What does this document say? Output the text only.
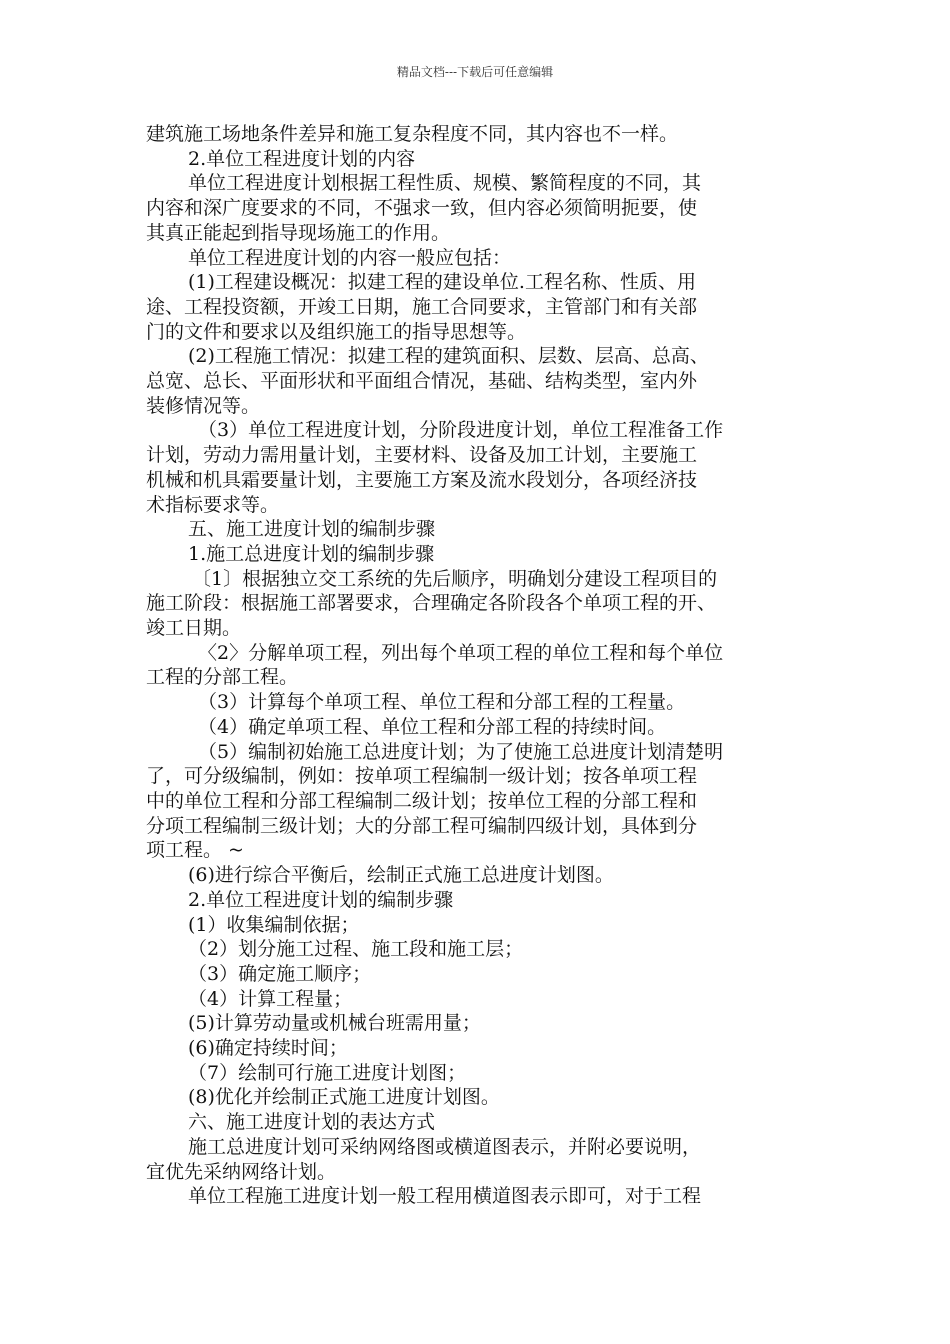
精品文档---下载后可任意编辑
建筑施工场地条件差异和施工复杂程度不同，其内容也不一样。
2.单位工程进度计划的内容
单位工程进度计划根据工程性质、规模、繁简程度的不同，其
内容和深广度要求的不同，不强求一致，但内容必须简明扼要，使
其真正能起到指导现场施工的作用。
单位工程进度计划的内容一般应包括：
(1)工程建设概况：拟建工程的建设单位.工程名称、性质、用
途、工程投资额，开竣工日期，施工合同要求，主管部门和有关部
门的文件和要求以及组织施工的指导思想等。
(2)工程施工情况：拟建工程的建筑面积、层数、层高、总高、
总宽、总长、平面形状和平面组合情况，基础、结构类型，室内外
装修情况等。
（3）单位工程进度计划，分阶段进度计划，单位工程准备工作
计划，劳动力需用量计划，主要材料、设备及加工计划，主要施工
机械和机具霜要量计划，主要施工方案及流水段划分，各项经济技
术指标要求等。
五、施工进度计划的编制步骤
1.施工总进度计划的编制步骤
〔1〕根据独立交工系统的先后顺序，明确划分建设工程项目的
施工阶段：根据施工部署要求，合理确定各阶段各个单项工程的开、
竣工日期。
〈2〉分解单项工程，列出每个单项工程的单位工程和每个单位
工程的分部工程。
（3）计算每个单项工程、单位工程和分部工程的工程量。
（4）确定单项工程、单位工程和分部工程的持续时间。
（5）编制初始施工总进度计划；为了使施工总进度计划清楚明
了，可分级编制，例如：按单项工程编制一级计划；按各单项工程
中的单位工程和分部工程编制二级计划；按单位工程的分部工程和
分项工程编制三级计划；大的分部工程可编制四级计划，具体到分
项工程。 ~
(6)进行综合平衡后，绘制正式施工总进度计划图。
2.单位工程进度计划的编制步骤
(1）收集编制依据；
（2）划分施工过程、施工段和施工层；
（3）确定施工顺序；
（4）计算工程量；
(5)计算劳动量或机械台班需用量；
(6)确定持续时间；
（7）绘制可行施工进度计划图；
(8)优化并绘制正式施工进度计划图。
六、施工进度计划的表达方式
施工总进度计划可采纳网络图或横道图表示，并附必要说明，
宜优先采纳网络计划。
单位工程施工进度计划一般工程用横道图表示即可，对于工程
